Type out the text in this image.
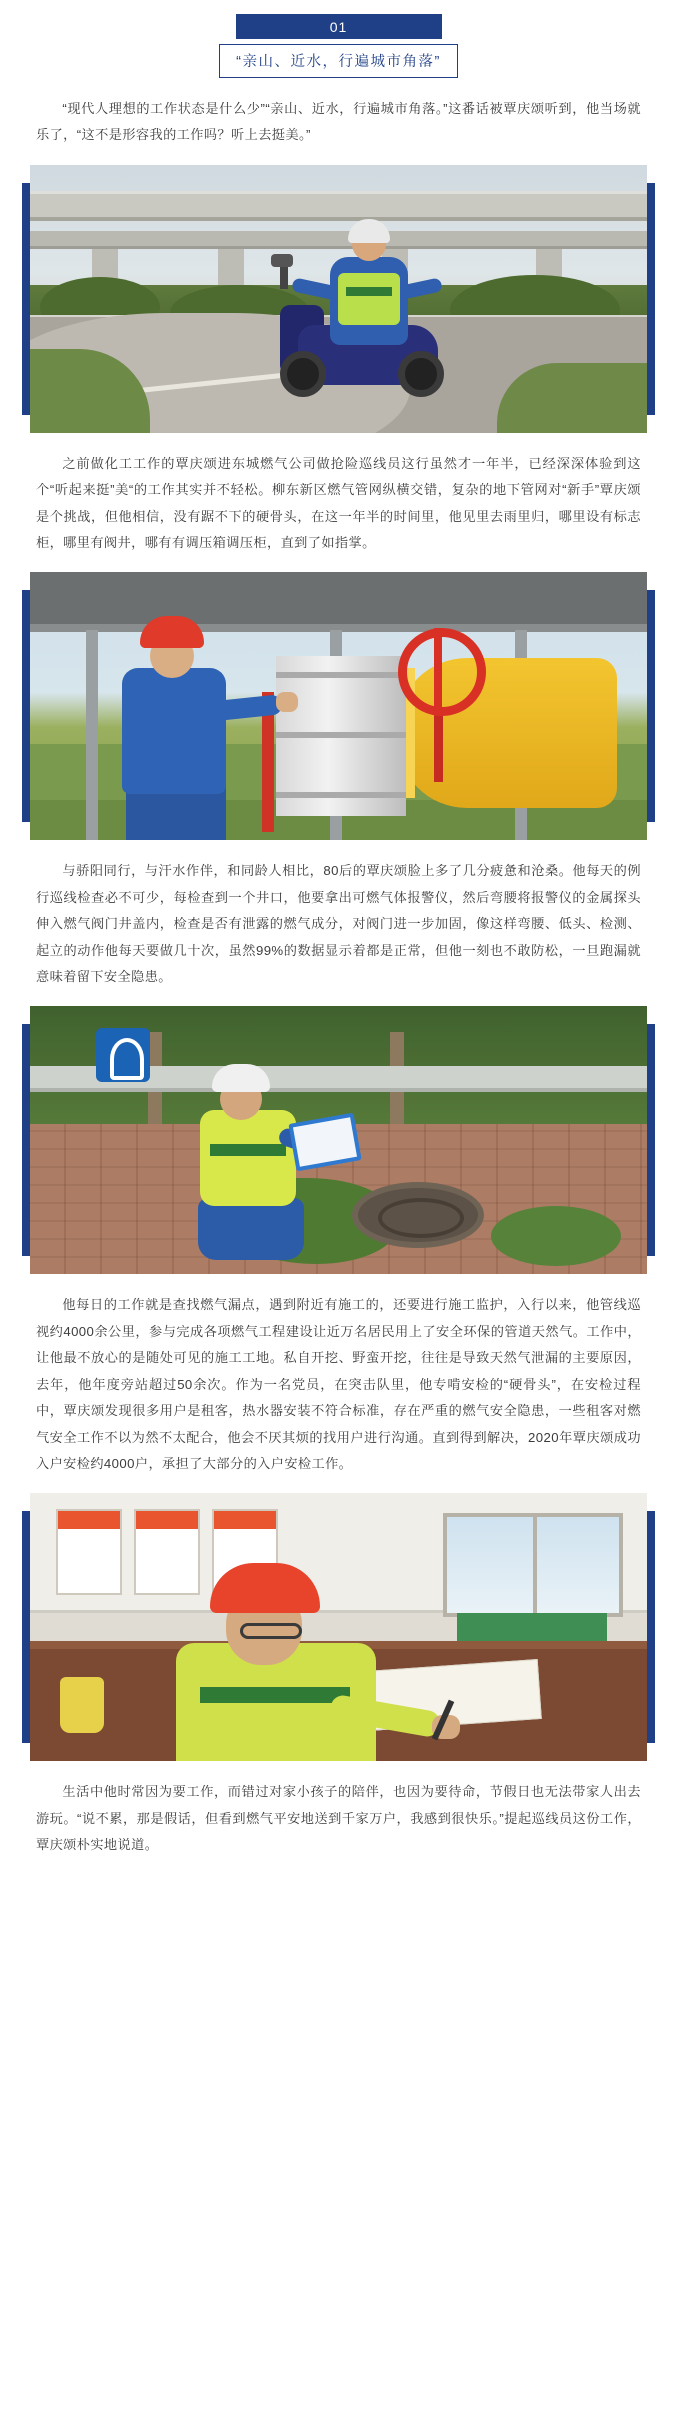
01
“亲山、近水，行遍城市角落”

“现代人理想的工作状态是什么少”“亲山、近水，行遍城市角落。”这番话被覃庆颂听到，他当场就乐了，“这不是形容我的工作吗？听上去挺美。”

之前做化工工作的覃庆颂进东城燃气公司做抢险巡线员这行虽然才一年半，已经深深体验到这个“听起来挺”美“的工作其实并不轻松。柳东新区燃气管网纵横交错，复杂的地下管网对“新手”覃庆颂是个挑战，但他相信，没有踞不下的硬骨头，在这一年半的时间里，他见里去雨里归，哪里设有标志柜，哪里有阀井，哪有有调压箱调压柜，直到了如指掌。

与骄阳同行，与汗水作伴，和同龄人相比，80后的覃庆颂脸上多了几分疲惫和沧桑。他每天的例行巡线检查必不可少，每检查到一个井口，他要拿出可燃气体报警仪，然后弯腰将报警仪的金属探头伸入燃气阀门井盖内，检查是否有泄露的燃气成分，对阀门进一步加固，像这样弯腰、低头、检测、起立的动作他每天要做几十次，虽然99%的数据显示着都是正常，但他一刻也不敢防松，一旦跑漏就意味着留下安全隐患。

他每日的工作就是查找燃气漏点，遇到附近有施工的，还要进行施工监护，入行以来，他管线巡视约4000余公里，参与完成各项燃气工程建设让近万名居民用上了安全环保的管道天然气。工作中，让他最不放心的是随处可见的施工工地。私自开挖、野蛮开挖，往往是导致天然气泄漏的主要原因，去年，他年度旁站超过50余次。作为一名党员，在突击队里，他专啃安检的“硬骨头”，在安检过程中，覃庆颂发现很多用户是租客，热水器安装不符合标准，存在严重的燃气安全隐患，一些租客对燃气安全工作不以为然不太配合，他会不厌其烦的找用户进行沟通。直到得到解决，2020年覃庆颂成功入户安检约4000户，承担了大部分的入户安检工作。

生活中他时常因为要工作，而错过对家小孩子的陪伴，也因为要待命，节假日也无法带家人出去游玩。“说不累，那是假话，但看到燃气平安地送到千家万户，我感到很快乐。”提起巡线员这份工作，覃庆颂朴实地说道。
